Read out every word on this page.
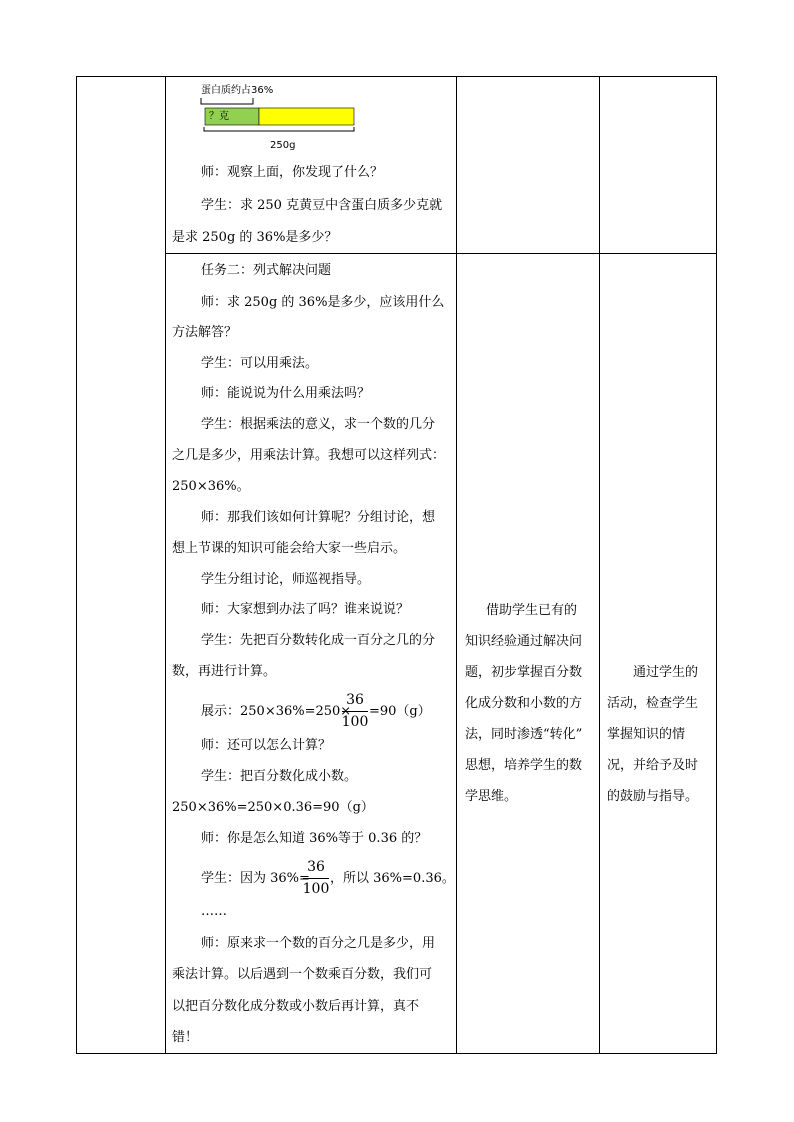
蛋白质约占36%
？克
250g
师：观察上面，你发现了什么？
学生：求 250 克黄豆中含蛋白质多少克就
是求 250g 的 36%是多少？
任务二：列式解决问题
师：求 250g 的 36%是多少，应该用什么
方法解答？
学生：可以用乘法。
师：能说说为什么用乘法吗？
学生：根据乘法的意义，求一个数的几分
之几是多少，用乘法计算。我想可以这样列式：
250×36%。
师：那我们该如何计算呢？分组讨论，想
想上节课的知识可能会给大家一些启示。
学生分组讨论，师巡视指导。
师：大家想到办法了吗？谁来说说？
学生：先把百分数转化成一百分之几的分
数，再进行计算。
展示：250×36%=250×
36
100
=90（g）
师：还可以怎么计算？
学生：把百分数化成小数。
250×36%=250×0.36=90（g）
师：你是怎么知道 36%等于 0.36 的？
学生：因为 36%=
36
100
，所以 36%=0.36。
……
师：原来求一个数的百分之几是多少，用
乘法计算。以后遇到一个数乘百分数，我们可
以把百分数化成分数或小数后再计算，真不
错！
借助学生已有的
知识经验通过解决问
题，初步掌握百分数
化成分数和小数的方
法，同时渗透“转化”
思想，培养学生的数
学思维。
通过学生的
活动，检查学生
掌握知识的情
况，并给予及时
的鼓励与指导。
